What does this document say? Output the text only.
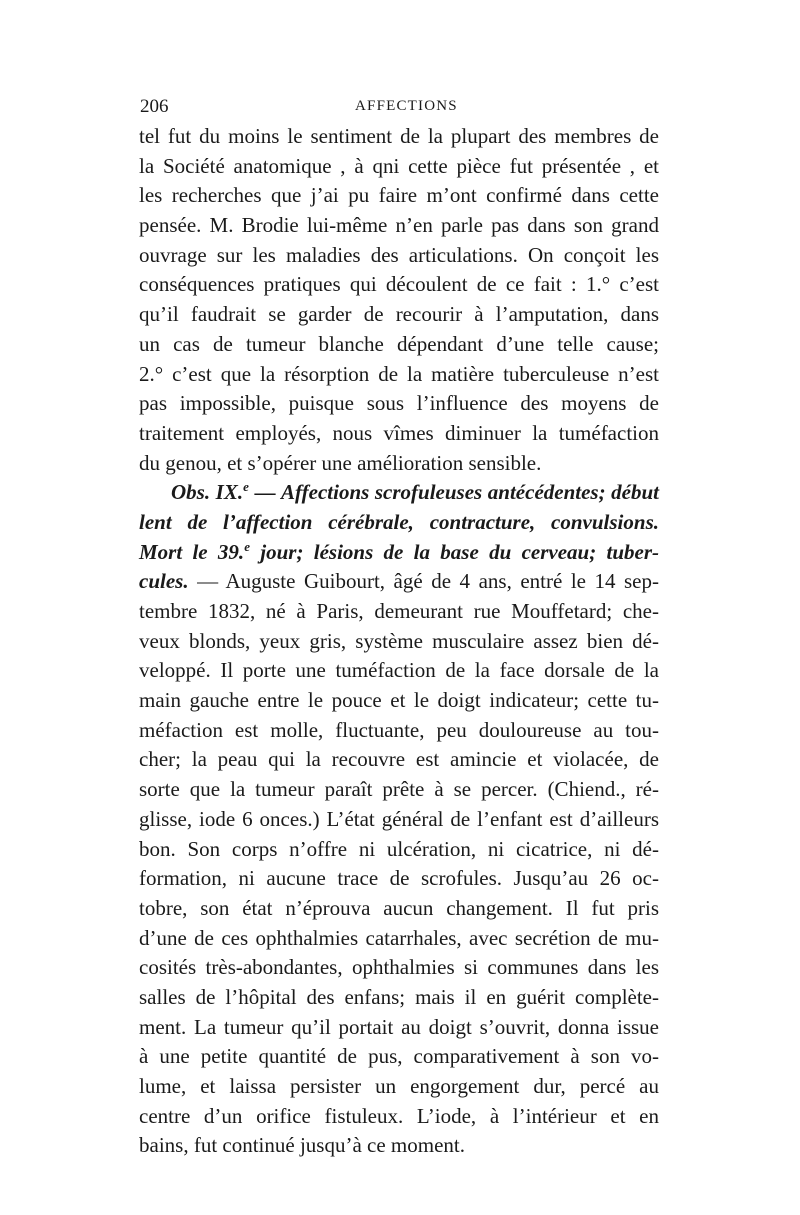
206	AFFECTIONS
tel fut du moins le sentiment de la plupart des membres de
la Société anatomique , à qni cette pièce fut présentée , et
les recherches que j’ai pu faire m’ont confirmé dans cette
pensée. M. Brodie lui-même n’en parle pas dans son grand
ouvrage sur les maladies des articulations. On conçoit les
conséquences pratiques qui découlent de ce fait : 1.° c’est
qu’il faudrait se garder de recourir à l’amputation, dans
un cas de tumeur blanche dépendant d’une telle cause;
2.° c’est que la résorption de la matière tuberculeuse n’est
pas impossible, puisque sous l’influence des moyens de
traitement employés, nous vîmes diminuer la tuméfaction
du genou, et s’opérer une amélioration sensible.
Obs. IX.$^e$ — Affections scrofuleuses antécédentes; début
lent de l’affection cérébrale, contracture, convulsions.
Mort le 39.$^e$ jour; lésions de la base du cerveau; tuber-
cules. — Auguste Guibourt, âgé de 4 ans, entré le 14 sep-
tembre 1832, né à Paris, demeurant rue Mouffetard; che-
veux blonds, yeux gris, système musculaire assez bien dé-
veloppé. Il porte une tuméfaction de la face dorsale de la
main gauche entre le pouce et le doigt indicateur; cette tu-
méfaction est molle, fluctuante, peu douloureuse au tou-
cher; la peau qui la recouvre est amincie et violacée, de
sorte que la tumeur paraît prête à se percer. (Chiend., ré-
glisse, iode 6 onces.) L’état général de l’enfant est d’ailleurs
bon. Son corps n’offre ni ulcération, ni cicatrice, ni dé-
formation, ni aucune trace de scrofules. Jusqu’au 26 oc-
tobre, son état n’éprouva aucun changement. Il fut pris
d’une de ces ophthalmies catarrhales, avec secrétion de mu-
cosités très-abondantes, ophthalmies si communes dans les
salles de l’hôpital des enfans; mais il en guérit complète-
ment. La tumeur qu’il portait au doigt s’ouvrit, donna issue
à une petite quantité de pus, comparativement à son vo-
lume, et laissa persister un engorgement dur, percé au
centre d’un orifice fistuleux. L’iode, à l’intérieur et en
bains, fut continué jusqu’à ce moment.
